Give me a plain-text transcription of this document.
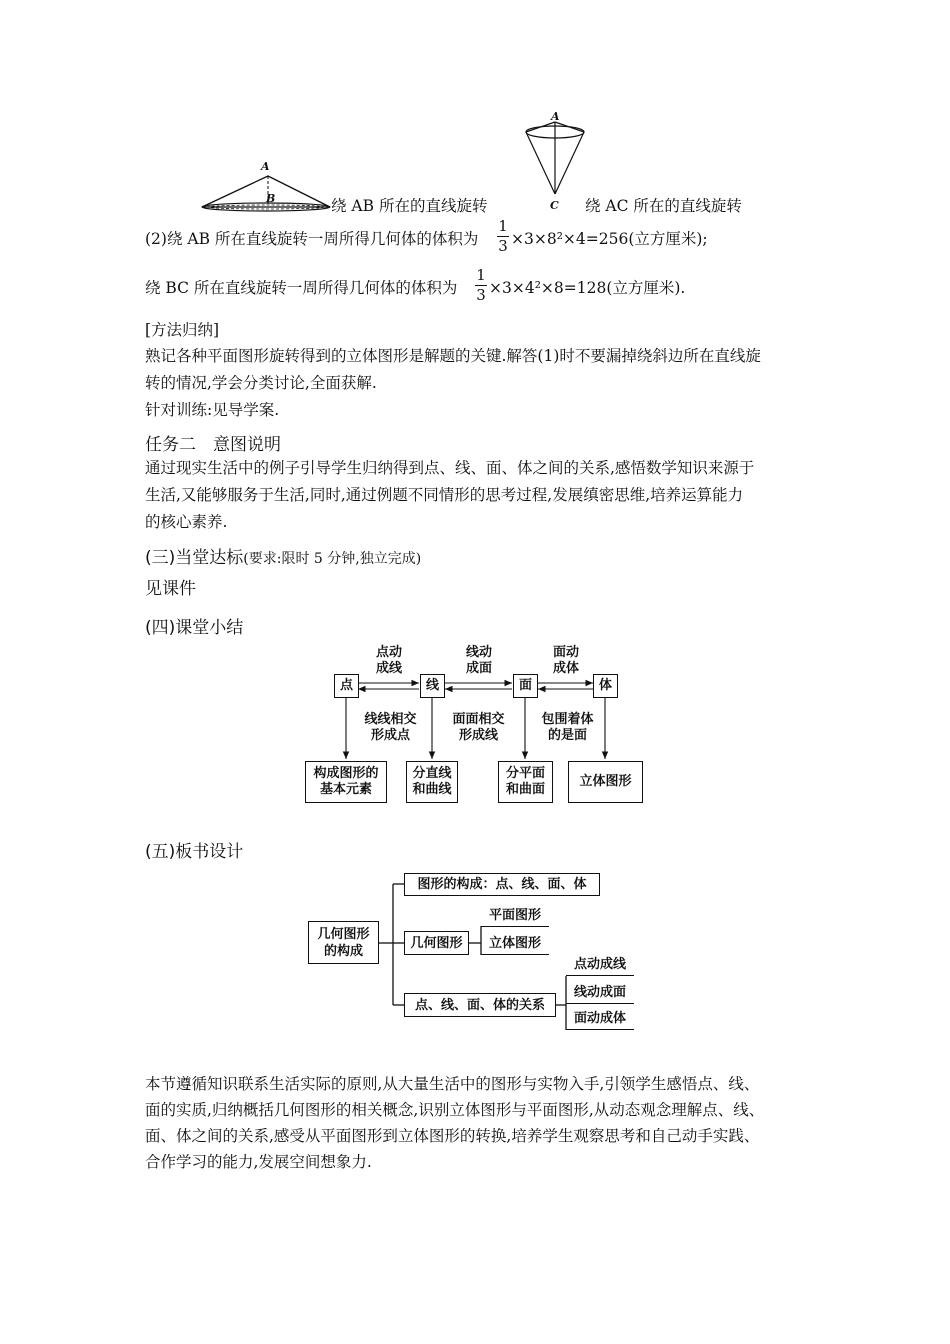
A
B	绕 AB 所在的直线旋转
A
C 绕 AC 所在的直线旋转
(2)绕 AB 所在直线旋转一周所得几何体的体积为
1
3 ×3×8²×4=256(立方厘米);
绕 BC 所在直线旋转一周所得几何体的体积为
1
3 ×3×4²×8=128(立方厘米).
[方法归纳]
熟记各种平面图形旋转得到的立体图形是解题的关键.解答(1)时不要漏掉绕斜边所在直线旋
转的情况,学会分类讨论,全面获解.
针对训练:见导学案.
任务二　意图说明
通过现实生活中的例子引导学生归纳得到点、线、面、体之间的关系,感悟数学知识来源于
生活,又能够服务于生活,同时,通过例题不同情形的思考过程,发展缜密思维,培养运算能力
的核心素养.
(三)当堂达标(要求:限时 5 分钟,独立完成)
见课件
(四)课堂小结
点动
成线
线动
成面
面动
成体
点	线	面	体
线线相交
形成点
面面相交
形成线
包围着体
的是面
构成图形的
基本元素
分直线
和曲线
分平面
和曲面
立体图形
(五)板书设计
几何图形
的构成
图形的构成：点、线、面、体
几何图形
平面图形
立体图形
点、线、面、体的关系
点动成线
线动成面
面动成体
本节遵循知识联系生活实际的原则,从大量生活中的图形与实物入手,引领学生感悟点、线、
面的实质,归纳概括几何图形的相关概念,识别立体图形与平面图形,从动态观念理解点、线、
面、体之间的关系,感受从平面图形到立体图形的转换,培养学生观察思考和自己动手实践、
合作学习的能力,发展空间想象力.
